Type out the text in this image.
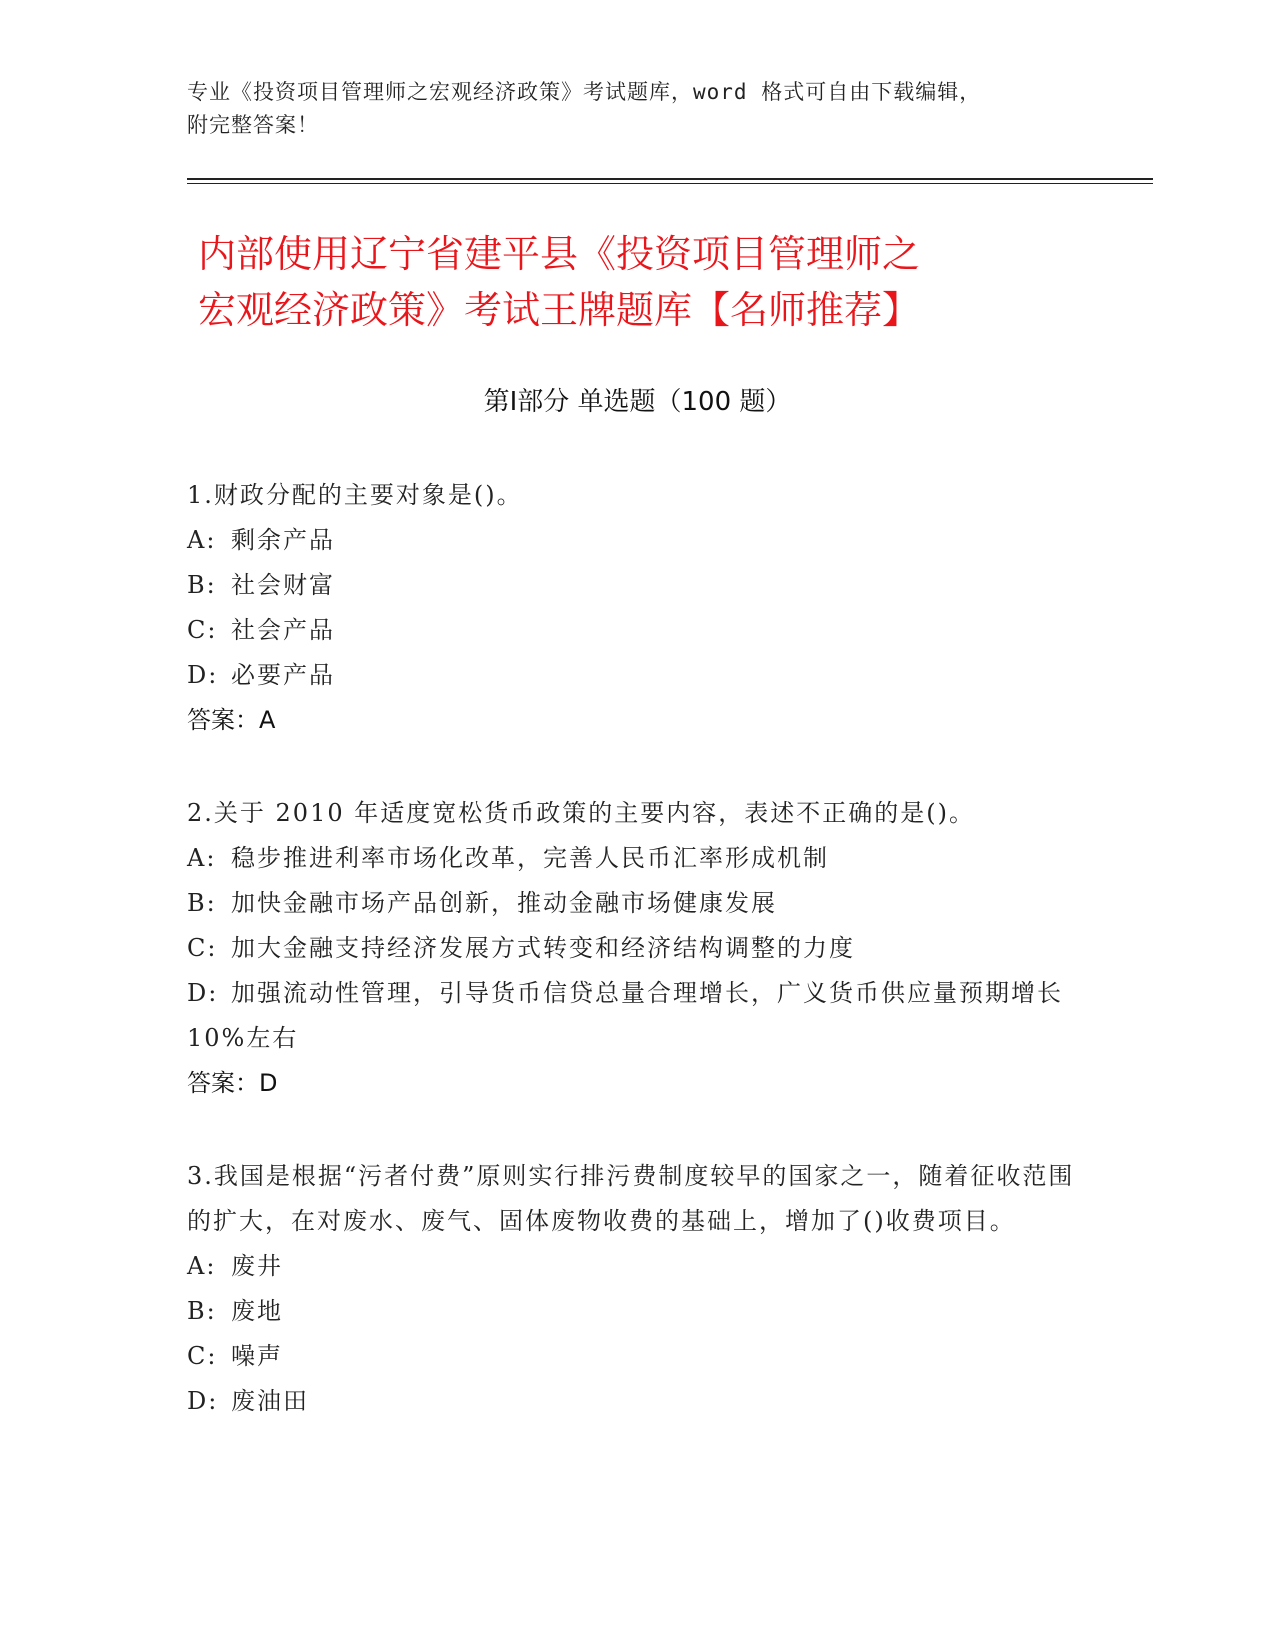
专业《投资项目管理师之宏观经济政策》考试题库，word 格式可自由下载编辑，
附完整答案！
内部使用辽宁省建平县《投资项目管理师之
宏观经济政策》考试王牌题库【名师推荐】
第Ⅰ部分 单选题（100 题）

1.财政分配的主要对象是()。

A: 剩余产品

B: 社会财富

C: 社会产品

D: 必要产品

答案：A

2.关于 2010 年适度宽松货币政策的主要内容，表述不正确的是()。

A: 稳步推进利率市场化改革，完善人民币汇率形成机制

B: 加快金融市场产品创新，推动金融市场健康发展

C: 加大金融支持经济发展方式转变和经济结构调整的力度

D: 加强流动性管理，引导货币信贷总量合理增长，广义货币供应量预期增长 10%左右

答案：D

3.我国是根据“污者付费”原则实行排污费制度较早的国家之一，随着征收范围的扩大，在对废水、废气、固体废物收费的基础上，增加了()收费项目。

A: 废井

B: 废地

C: 噪声

D: 废油田
